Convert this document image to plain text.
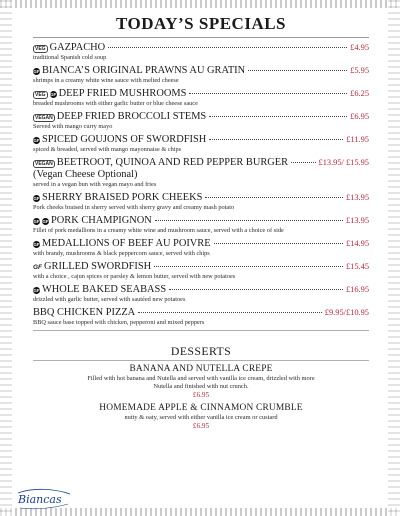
TODAY’S SPECIALS
VEG GAZPACHO	£4.95
traditional Spanish cold soup
GF BIANCA’S ORIGINAL PRAWNS AU GRATIN	£5.95
shrimps in a creamy white wine sauce with melted cheese
VEG GF DEEP FRIED MUSHROOMS	£6.25
breaded mushrooms with either garlic butter or blue cheese sauce
VEGAN DEEP FRIED BROCCOLI STEMS	£6.95
Served with mango curry mayo
GF SPICED GOUJONS OF SWORDFISH	£11.95
spiced & breaded, served with mango mayonnaise & chips
VEGAN BEETROOT, QUINOA AND RED PEPPER BURGER	£13.95/ £15.95
(Vegan Cheese Optional)
served in a vegan bun with vegan mayo and fries
GF SHERRY BRAISED PORK CHEEKS	£13.95
Pork cheeks braised in sherry served with sherry gravy and creamy mash potato
GF GF PORK CHAMPIGNON	£13.95
Fillet of pork medallions in a creamy white wine and mushroom sauce, served with a choice of side
GF MEDALLIONS OF BEEF AU POIVRE	£14.95
with brandy, mushrooms & black peppercorn sauce, served with chips
GF GRILLED SWORDFISH	£15.45
with a choice , cajun spices or parsley & lemon butter, served with new potatoes
GF WHOLE BAKED SEABASS	£16.95
drizzled with garlic butter, served with sautéed new potatoes
BBQ CHICKEN PIZZA	£9.95/£10.95
BBQ sauce base topped with chicken, pepperoni and mixed peppers
DESSERTS
BANANA AND NUTELLA CREPE
Filled with hot banana and Nutella and served with vanilla ice cream, drizzled with more
Nutella and finished with nut crunch.
£6.95
HOMEMADE APPLE & CINNAMON CRUMBLE
nutty & oaty, served with either vanilla ice cream or custard
£6.95
Biancas
